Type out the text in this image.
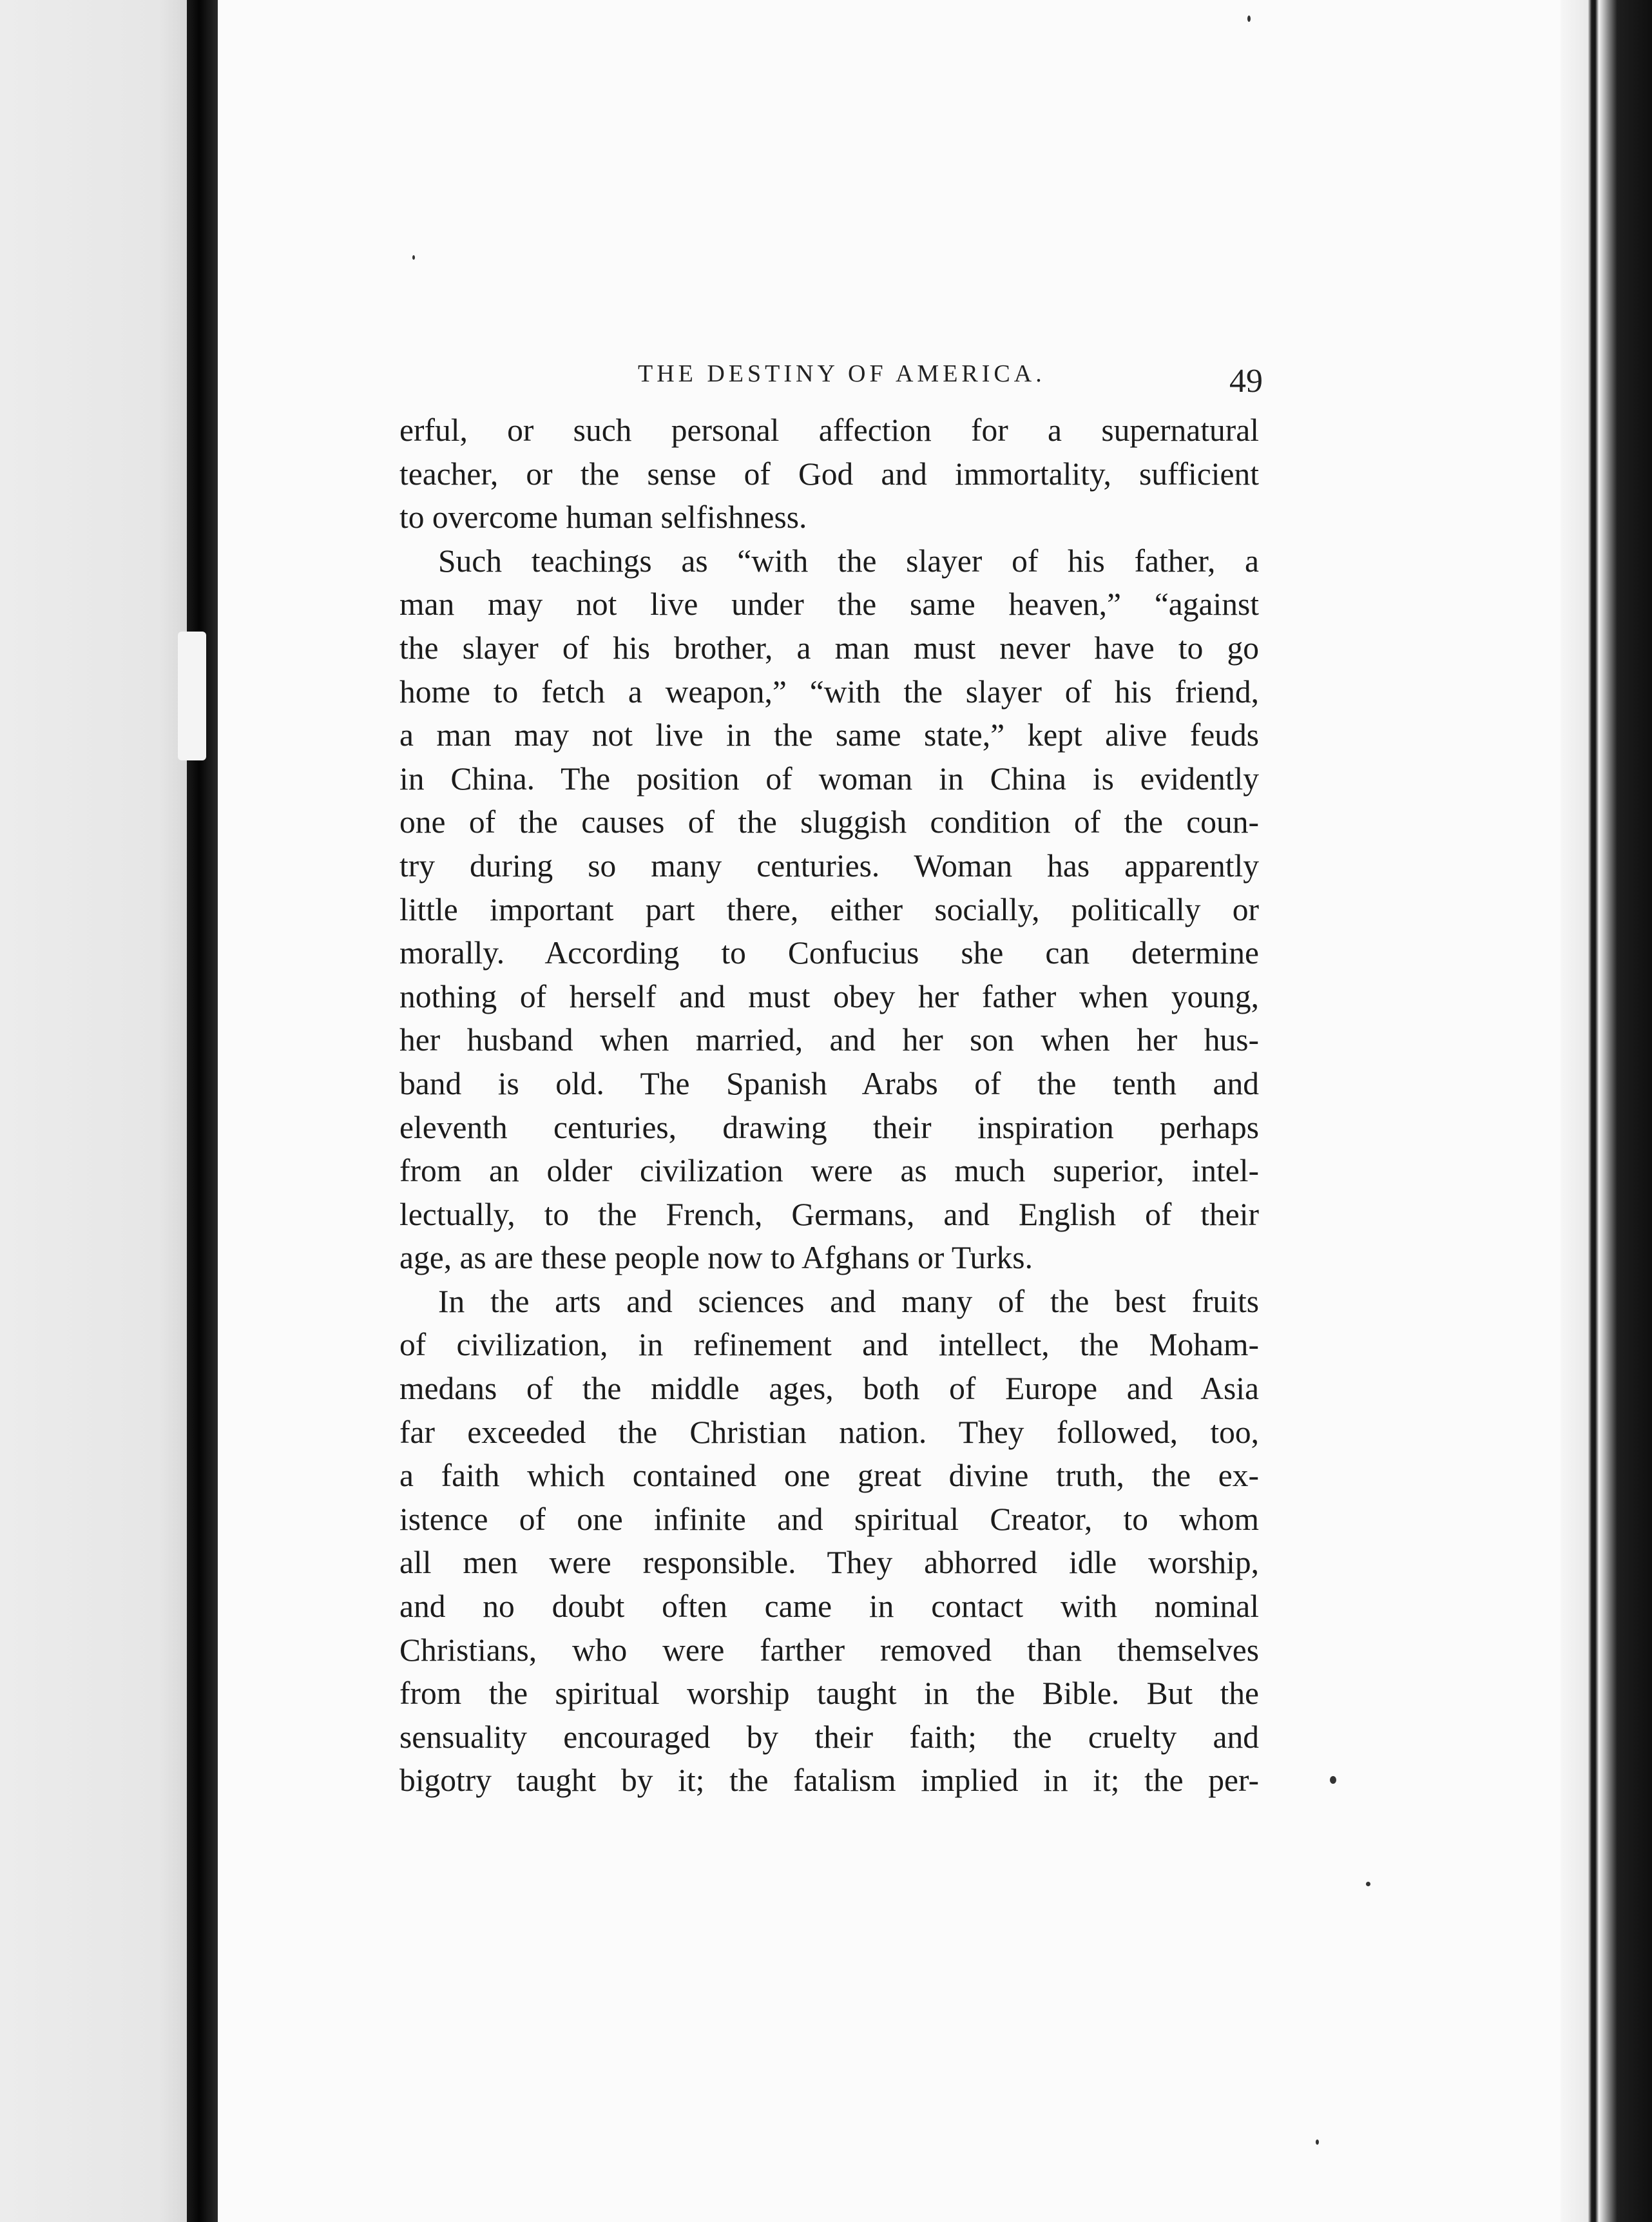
THE DESTINY OF AMERICA.	49

erful, or such personal affection for a supernatural
teacher, or the sense of God and immortality, sufficient
to overcome human selfishness.

Such teachings as “with the slayer of his father, a
man may not live under the same heaven,” “against
the slayer of his brother, a man must never have to go
home to fetch a weapon,” “with the slayer of his friend,
a man may not live in the same state,” kept alive feuds
in China. The position of woman in China is evidently
one of the causes of the sluggish condition of the coun-
try during so many centuries. Woman has apparently
little important part there, either socially, politically or
morally. According to Confucius she can determine
nothing of herself and must obey her father when young,
her husband when married, and her son when her hus-
band is old. The Spanish Arabs of the tenth and
eleventh centuries, drawing their inspiration perhaps
from an older civilization were as much superior, intel-
lectually, to the French, Germans, and English of their
age, as are these people now to Afghans or Turks.

In the arts and sciences and many of the best fruits
of civilization, in refinement and intellect, the Moham-
medans of the middle ages, both of Europe and Asia
far exceeded the Christian nation. They followed, too,
a faith which contained one great divine truth, the ex-
istence of one infinite and spiritual Creator, to whom
all men were responsible. They abhorred idle worship,
and no doubt often came in contact with nominal
Christians, who were farther removed than themselves
from the spiritual worship taught in the Bible. But the
sensuality encouraged by their faith; the cruelty and
bigotry taught by it; the fatalism implied in it; the per-
